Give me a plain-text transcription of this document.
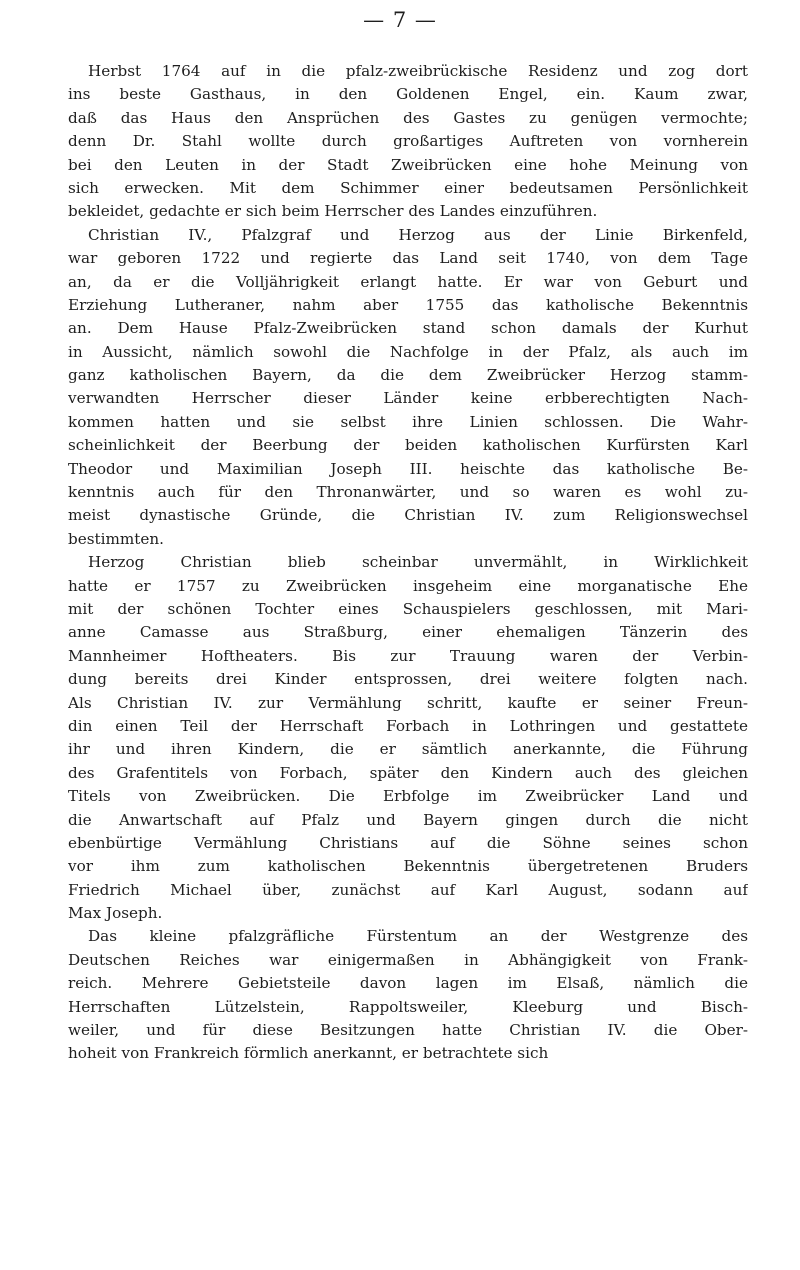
— 7 —
Herbst 1764 auf in die pfalz-zweibrückische Residenz und zog dort
ins beste Gasthaus, in den Goldenen Engel, ein. Kaum zwar,
daß das Haus den Ansprüchen des Gastes zu genügen vermochte;
denn Dr. Stahl wollte durch großartiges Auftreten von vornherein
bei den Leuten in der Stadt Zweibrücken eine hohe Meinung von
sich erwecken. Mit dem Schimmer einer bedeutsamen Persönlichkeit
bekleidet, gedachte er sich beim Herrscher des Landes einzuführen.
Christian IV., Pfalzgraf und Herzog aus der Linie Birkenfeld,
war geboren 1722 und regierte das Land seit 1740, von dem Tage
an, da er die Volljährigkeit erlangt hatte. Er war von Geburt und
Erziehung Lutheraner, nahm aber 1755 das katholische Bekenntnis
an. Dem Hause Pfalz-Zweibrücken stand schon damals der Kurhut
in Aussicht, nämlich sowohl die Nachfolge in der Pfalz, als auch im
ganz katholischen Bayern, da die dem Zweibrücker Herzog stamm-
verwandten Herrscher dieser Länder keine erbberechtigten Nach-
kommen hatten und sie selbst ihre Linien schlossen. Die Wahr-
scheinlichkeit der Beerbung der beiden katholischen Kurfürsten Karl
Theodor und Maximilian Joseph III. heischte das katholische Be-
kenntnis auch für den Thronanwärter, und so waren es wohl zu-
meist dynastische Gründe, die Christian IV. zum Religionswechsel
bestimmten.
Herzog Christian blieb scheinbar unvermählt, in Wirklichkeit
hatte er 1757 zu Zweibrücken insgeheim eine morganatische Ehe
mit der schönen Tochter eines Schauspielers geschlossen, mit Mari-
anne Camasse aus Straßburg, einer ehemaligen Tänzerin des
Mannheimer Hoftheaters. Bis zur Trauung waren der Verbin-
dung bereits drei Kinder entsprossen, drei weitere folgten nach.
Als Christian IV. zur Vermählung schritt, kaufte er seiner Freun-
din einen Teil der Herrschaft Forbach in Lothringen und gestattete
ihr und ihren Kindern, die er sämtlich anerkannte, die Führung
des Grafentitels von Forbach, später den Kindern auch des gleichen
Titels von Zweibrücken. Die Erbfolge im Zweibrücker Land und
die Anwartschaft auf Pfalz und Bayern gingen durch die nicht
ebenbürtige Vermählung Christians auf die Söhne seines schon
vor ihm zum katholischen Bekenntnis übergetretenen Bruders
Friedrich Michael über, zunächst auf Karl August, sodann auf
Max Joseph.
Das kleine pfalzgräfliche Fürstentum an der Westgrenze des
Deutschen Reiches war einigermaßen in Abhängigkeit von Frank-
reich. Mehrere Gebietsteile davon lagen im Elsaß, nämlich die
Herrschaften Lützelstein, Rappoltsweiler, Kleeburg und Bisch-
weiler, und für diese Besitzungen hatte Christian IV. die Ober-
hoheit von Frankreich förmlich anerkannt, er betrachtete sich
